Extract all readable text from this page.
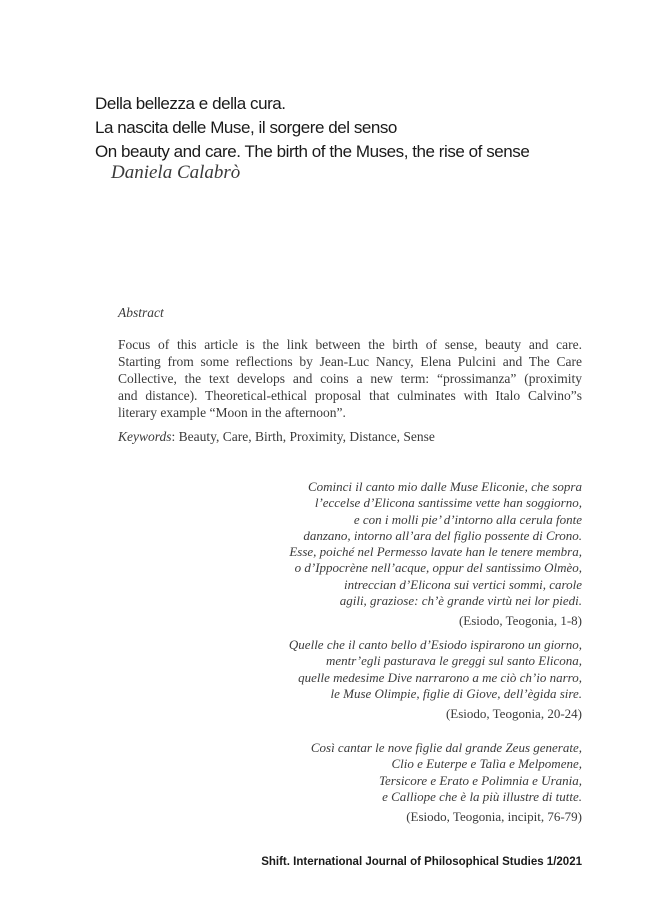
Della bellezza e della cura.
La nascita delle Muse, il sorgere del senso
On beauty and care. The birth of the Muses, the rise of sense
Daniela Calabrò
Abstract
Focus of this article is the link between the birth of sense, beauty and care.
Starting from some reflections by Jean-Luc Nancy, Elena Pulcini and The Care
Collective, the text develops and coins a new term: “prossimanza” (proximity
and distance). Theoretical-ethical proposal that culminates with Italo Calvino”s
literary example “Moon in the afternoon”.
Keywords: Beauty, Care, Birth, Proximity, Distance, Sense
Cominci il canto mio dalle Muse Eliconie, che sopra
l’eccelse d’Elicona santissime vette han soggiorno,
e con i molli pie’ d’intorno alla cerula fonte
danzano, intorno all’ara del figlio possente di Crono.
Esse, poiché nel Permesso lavate han le tenere membra,
o d’Ippocrène nell’acque, oppur del santissimo Olmèo,
intreccian d’Elicona sui vertici sommi, carole
agili, graziose: ch’è grande virtù nei lor piedi.
(Esiodo, Teogonia, 1-8)
Quelle che il canto bello d’Esiodo ispirarono un giorno,
mentr’egli pasturava le greggi sul santo Elicona,
quelle medesime Dive narrarono a me ciò ch’io narro,
le Muse Olimpie, figlie di Giove, dell’ègida sire.
(Esiodo, Teogonia, 20-24)
Così cantar le nove figlie dal grande Zeus generate,
Clio e Euterpe e Talìa e Melpomene,
Tersicore e Erato e Polimnia e Urania,
e Calliope che è la più illustre di tutte.
(Esiodo, Teogonia, incipit, 76-79)
Shift. International Journal of Philosophical Studies 1/2021
